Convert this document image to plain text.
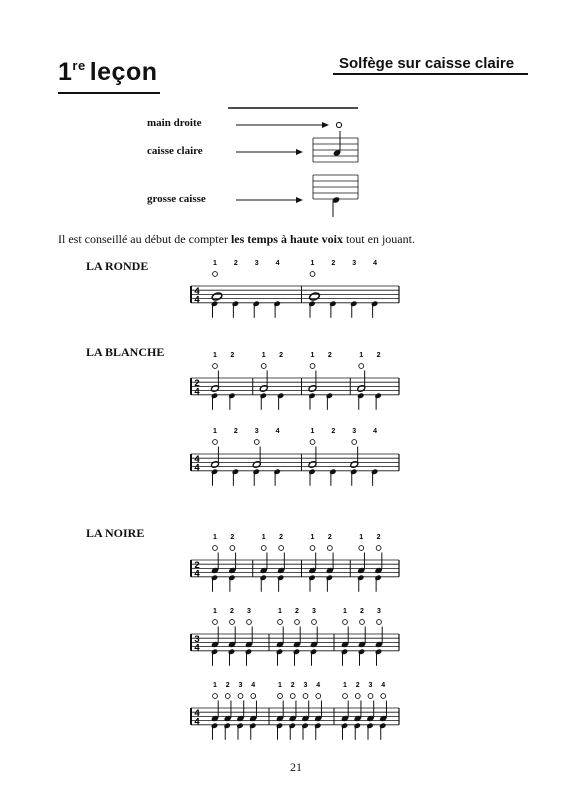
1re leçon	Solfège sur caisse claire
main droite
caisse claire
grosse caisse
Il est conseillé au début de compter les temps à haute voix tout en jouant.
LA RONDE
LA BLANCHE
LA NOIRE
4
4
1 2 3 4	1 2 3 4
2
4
1 2	1 2	1 2	1 2
4
4
1 2 3 4	1 2 3 4
2
4
1 2	1 2	1 2	1 2
3
4
1 2 3	1 2 3	1 2 3
4
4
1 2 3 4	1 2 3 4	1 2 3 4
21
